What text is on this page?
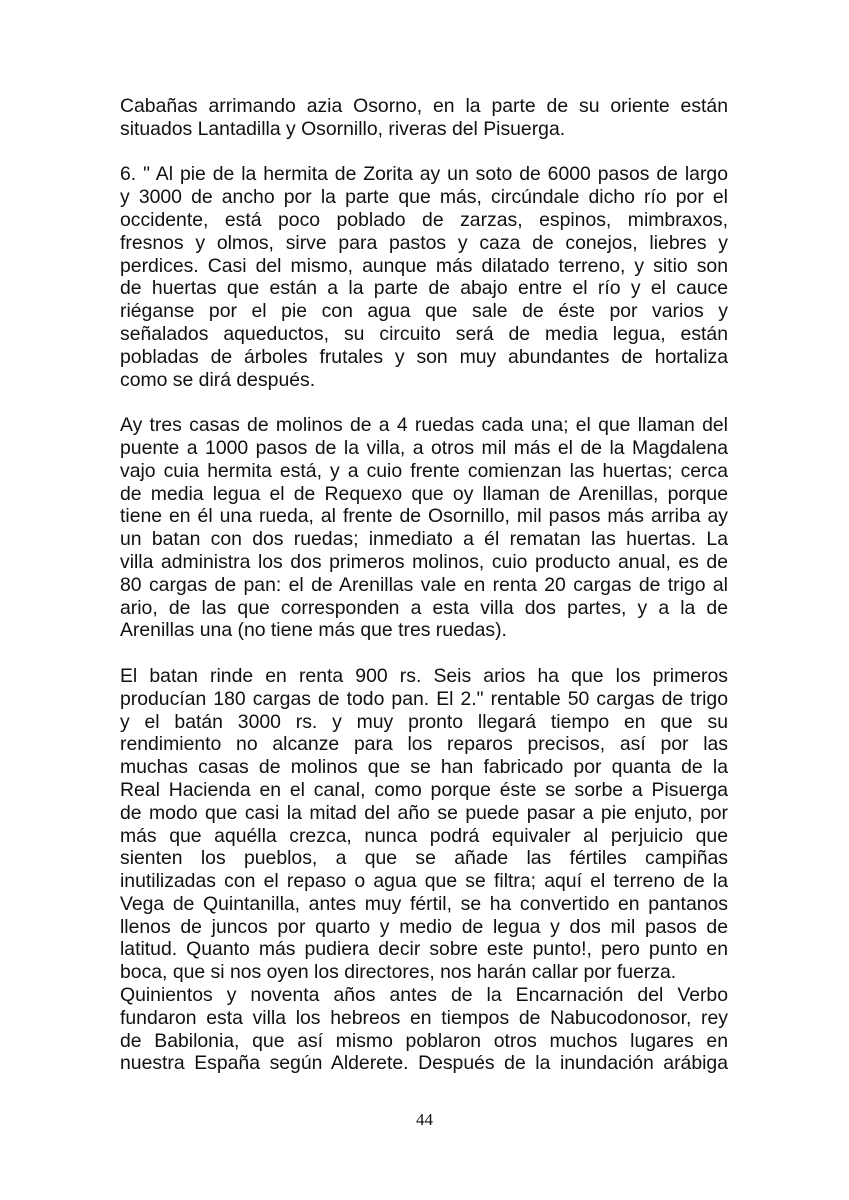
Cabañas arrimando azia Osorno, en la parte de su oriente están
situados Lantadilla y Osornillo, riveras del Pisuerga.
6. " Al pie de la hermita de Zorita ay un soto de 6000 pasos de largo
y 3000 de ancho por la parte que más, circúndale dicho río por el
occidente, está poco poblado de zarzas, espinos, mimbraxos,
fresnos y olmos, sirve para pastos y caza de conejos, liebres y
perdices. Casi del mismo, aunque más dilatado terreno, y sitio son
de huertas que están a la parte de abajo entre el río y el cauce
riéganse por el pie con agua que sale de éste por varios y
señalados aqueductos, su circuito será de media legua, están
pobladas de árboles frutales y son muy abundantes de hortaliza
como se dirá después.
Ay tres casas de molinos de a 4 ruedas cada una; el que llaman del
puente a 1000 pasos de la villa, a otros mil más el de la Magdalena
vajo cuia hermita está, y a cuio frente comienzan las huertas; cerca
de media legua el de Requexo que oy llaman de Arenillas, porque
tiene en él una rueda, al frente de Osornillo, mil pasos más arriba ay
un batan con dos ruedas; inmediato a él rematan las huertas. La
villa administra los dos primeros molinos, cuio producto anual, es de
80 cargas de pan: el de Arenillas vale en renta 20 cargas de trigo al
ario, de las que corresponden a esta villa dos partes, y a la de
Arenillas una (no tiene más que tres ruedas).
El batan rinde en renta 900 rs. Seis arios ha que los primeros
producían 180 cargas de todo pan. El 2." rentable 50 cargas de trigo
y el batán 3000 rs. y muy pronto llegará tiempo en que su
rendimiento no alcanze para los reparos precisos, así por las
muchas casas de molinos que se han fabricado por quanta de la
Real Hacienda en el canal, como porque éste se sorbe a Pisuerga
de modo que casi la mitad del año se puede pasar a pie enjuto, por
más que aquélla crezca, nunca podrá equivaler al perjuicio que
sienten los pueblos, a que se añade las fértiles campiñas
inutilizadas con el repaso o agua que se filtra; aquí el terreno de la
Vega de Quintanilla, antes muy fértil, se ha convertido en pantanos
llenos de juncos por quarto y medio de legua y dos mil pasos de
latitud. Quanto más pudiera decir sobre este punto!, pero punto en
boca, que si nos oyen los directores, nos harán callar por fuerza.
Quinientos y noventa años antes de la Encarnación del Verbo
fundaron esta villa los hebreos en tiempos de Nabucodonosor, rey
de Babilonia, que así mismo poblaron otros muchos lugares en
nuestra España según Alderete. Después de la inundación arábiga
44
